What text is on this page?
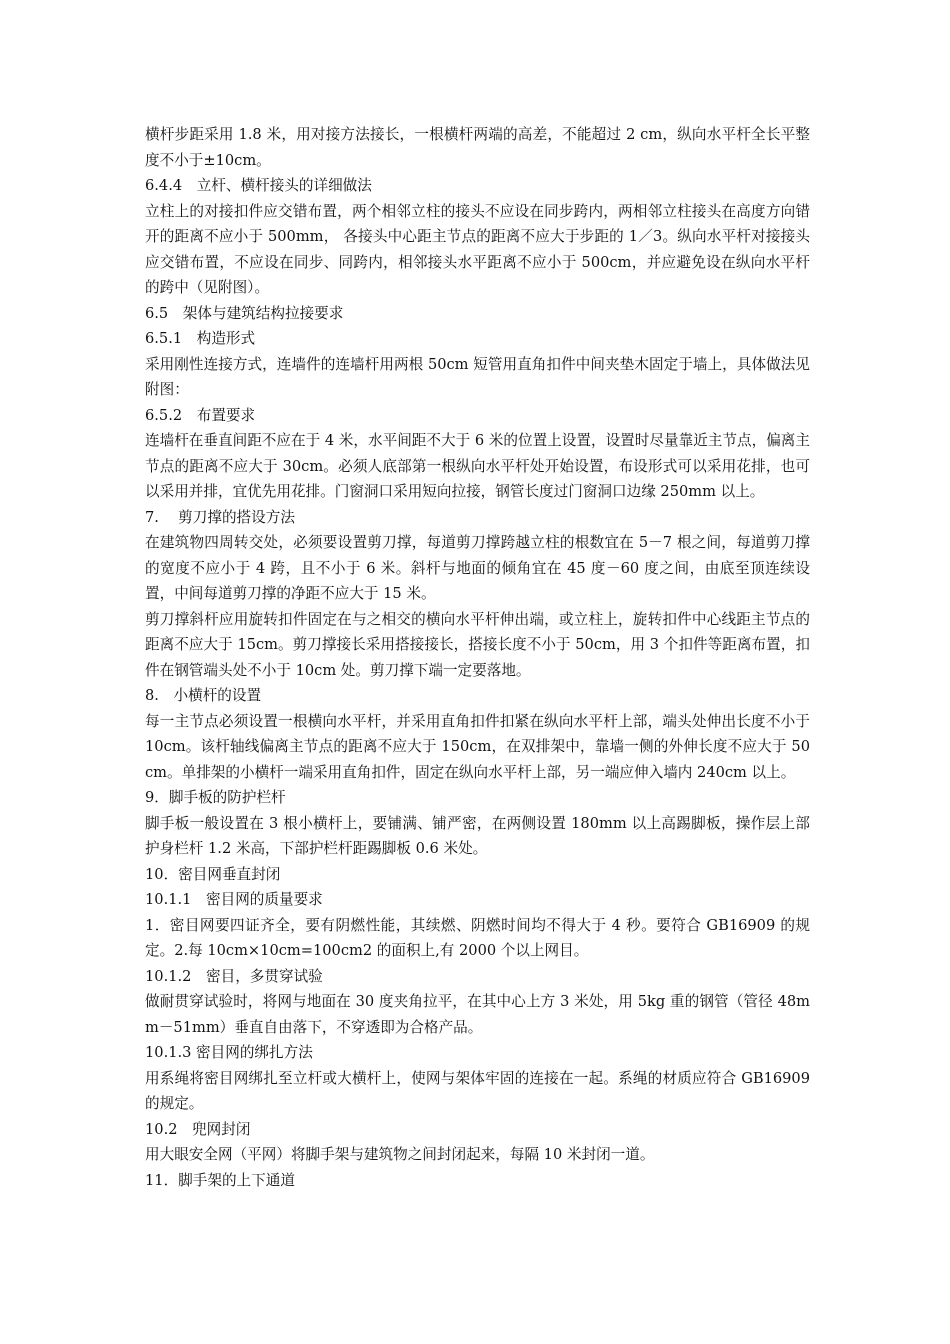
横杆步距采用 1.8 米，用对接方法接长，一根横杆两端的高差，不能超过 2 cm，纵向水平杆全长平整度不小于±10cm。

6.4.4　立杆、横杆接头的详细做法

立柱上的对接扣件应交错布置，两个相邻立柱的接头不应设在同步跨内，两相邻立柱接头在高度方向错开的距离不应小于 500mm， 各接头中心距主节点的距离不应大于步距的 1／3。纵向水平杆对接接头应交错布置，不应设在同步、同跨内，相邻接头水平距离不应小于 500cm，并应避免设在纵向水平杆的跨中（见附图）。

6.5　架体与建筑结构拉接要求

6.5.1　构造形式

采用刚性连接方式，连墙件的连墙杆用两根 50cm 短管用直角扣件中间夹垫木固定于墙上，具体做法见附图：

6.5.2　布置要求

连墙杆在垂直间距不应在于 4 米，水平间距不大于 6 米的位置上设置，设置时尽量靠近主节点，偏离主节点的距离不应大于 30cm。必须人底部第一根纵向水平杆处开始设置，布设形式可以采用花排，也可以采用并排，宜优先用花排。门窗洞口采用短向拉接，钢管长度过门窗洞口边缘 250mm 以上。

7.　 剪刀撑的搭设方法

在建筑物四周转交处，必须要设置剪刀撑，每道剪刀撑跨越立柱的根数宜在 5－7 根之间，每道剪刀撑的宽度不应小于 4 跨，且不小于 6 米。斜杆与地面的倾角宜在 45 度－60 度之间，由底至顶连续设置，中间每道剪刀撑的净距不应大于 15 米。

剪刀撑斜杆应用旋转扣件固定在与之相交的横向水平杆伸出端，或立柱上，旋转扣件中心线距主节点的距离不应大于 15cm。剪刀撑接长采用搭接接长，搭接长度不小于 50cm，用 3 个扣件等距离布置，扣件在钢管端头处不小于 10cm 处。剪刀撑下端一定要落地。

8.　小横杆的设置

每一主节点必须设置一根横向水平杆，并采用直角扣件扣紧在纵向水平杆上部，端头处伸出长度不小于 10cm。该杆轴线偏离主节点的距离不应大于 150cm，在双排架中，靠墙一侧的外伸长度不应大于 50cm。单排架的小横杆一端采用直角扣件，固定在纵向水平杆上部，另一端应伸入墙内 240cm 以上。

9．脚手板的防护栏杆

脚手板一般设置在 3 根小横杆上，要铺满、铺严密，在两侧设置 180mm 以上高踢脚板，操作层上部护身栏杆 1.2 米高，下部护栏杆距踢脚板 0.6 米处。

10．密目网垂直封闭

10.1.1　密目网的质量要求

1．密目网要四证齐全，要有阴燃性能，其续燃、阴燃时间均不得大于 4 秒。要符合 GB16909 的规定。2.每 10cm×10cm=100cm2 的面积上,有 2000 个以上网目。

10.1.2　密目，多贯穿试验

做耐贯穿试验时，将网与地面在 30 度夹角拉平，在其中心上方 3 米处，用 5kg 重的钢管（管径 48mm－51mm）垂直自由落下，不穿透即为合格产品。

10.1.3 密目网的绑扎方法

用系绳将密目网绑扎至立杆或大横杆上，使网与架体牢固的连接在一起。系绳的材质应符合 GB16909 的规定。

10.2　兜网封闭

用大眼安全网（平网）将脚手架与建筑物之间封闭起来，每隔 10 米封闭一道。

11．脚手架的上下通道
